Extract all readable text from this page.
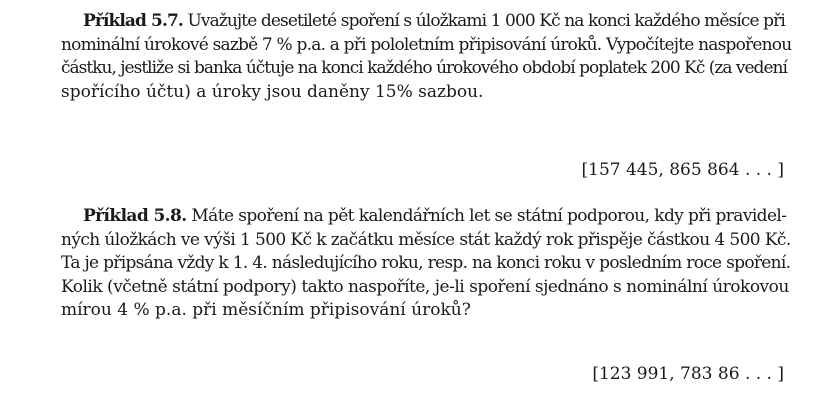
Příklad 5.7. Uvažujte desetileté spoření s úložkami 1 000 Kč na konci každého měsíce při
nominální úrokové sazbě 7 % p.a. a při pololetním připisování úroků. Vypočítejte naspořenou
částku, jestliže si banka účtuje na konci každého úrokového období poplatek 200 Kč (za vedení
spořícího účtu) a úroky jsou daněny 15% sazbou.
[157 445, 865 864 . . . ]
Příklad 5.8. Máte spoření na pět kalendářních let se státní podporou, kdy při pravidel-
ných úložkách ve výši 1 500 Kč k začátku měsíce stát každý rok přispěje částkou 4 500 Kč.
Ta je připsána vždy k 1. 4. následujícího roku, resp. na konci roku v posledním roce spoření.
Kolik (včetně státní podpory) takto naspoříte, je-li spoření sjednáno s nominální úrokovou
mírou 4 % p.a. při měsíčním připisování úroků?
[123 991, 783 86 . . . ]
